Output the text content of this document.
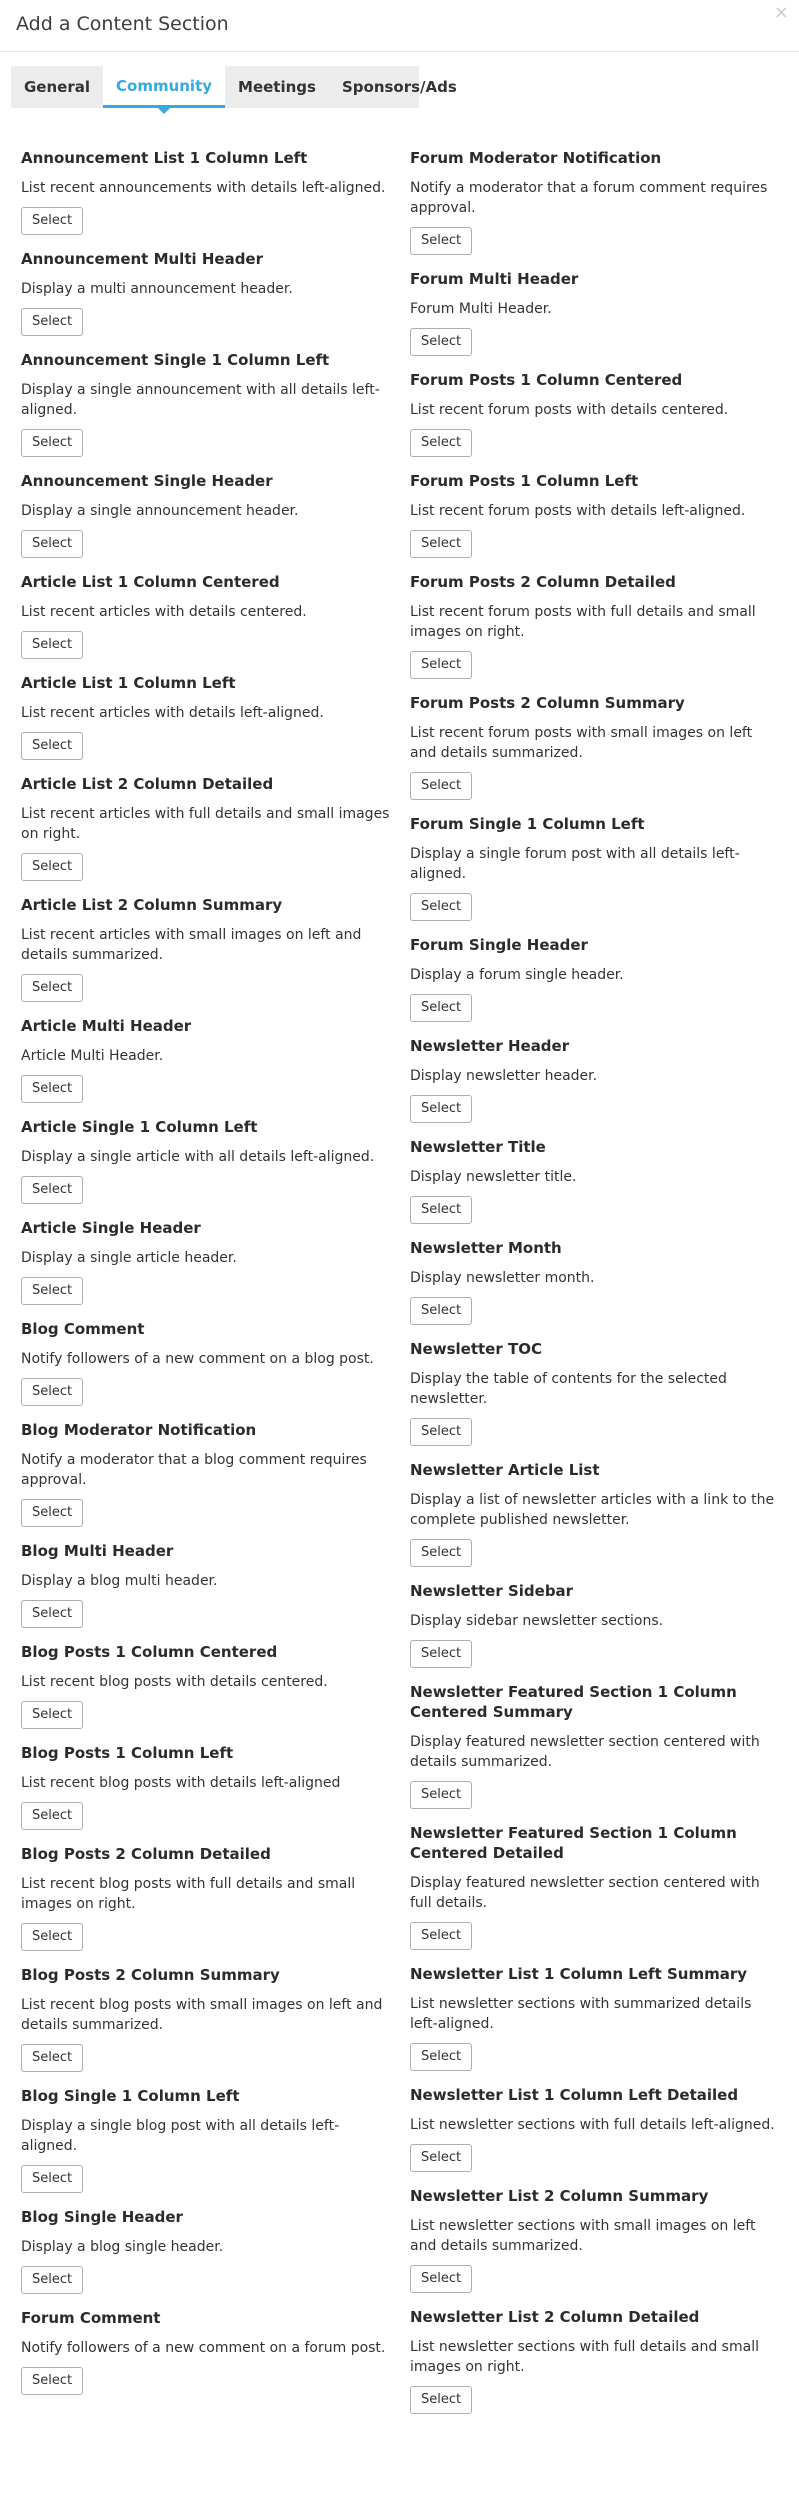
Add a Content Section
×
General	Community	Meetings	Sponsors/Ads
Announcement List 1 Column Left
List recent announcements with details left-aligned.
Select
Announcement Multi Header
Display a multi announcement header.
Select
Announcement Single 1 Column Left
Display a single announcement with all details left-aligned.
Select
Announcement Single Header
Display a single announcement header.
Select
Article List 1 Column Centered
List recent articles with details centered.
Select
Article List 1 Column Left
List recent articles with details left-aligned.
Select
Article List 2 Column Detailed
List recent articles with full details and small images on right.
Select
Article List 2 Column Summary
List recent articles with small images on left and details summarized.
Select
Article Multi Header
Article Multi Header.
Select
Article Single 1 Column Left
Display a single article with all details left-aligned.
Select
Article Single Header
Display a single article header.
Select
Blog Comment
Notify followers of a new comment on a blog post.
Select
Blog Moderator Notification
Notify a moderator that a blog comment requires approval.
Select
Blog Multi Header
Display a blog multi header.
Select
Blog Posts 1 Column Centered
List recent blog posts with details centered.
Select
Blog Posts 1 Column Left
List recent blog posts with details left-aligned
Select
Blog Posts 2 Column Detailed
List recent blog posts with full details and small images on right.
Select
Blog Posts 2 Column Summary
List recent blog posts with small images on left and details summarized.
Select
Blog Single 1 Column Left
Display a single blog post with all details left-aligned.
Select
Blog Single Header
Display a blog single header.
Select
Forum Comment
Notify followers of a new comment on a forum post.
Select
Forum Moderator Notification
Notify a moderator that a forum comment requires approval.
Select
Forum Multi Header
Forum Multi Header.
Select
Forum Posts 1 Column Centered
List recent forum posts with details centered.
Select
Forum Posts 1 Column Left
List recent forum posts with details left-aligned.
Select
Forum Posts 2 Column Detailed
List recent forum posts with full details and small images on right.
Select
Forum Posts 2 Column Summary
List recent forum posts with small images on left and details summarized.
Select
Forum Single 1 Column Left
Display a single forum post with all details left-aligned.
Select
Forum Single Header
Display a forum single header.
Select
Newsletter Header
Display newsletter header.
Select
Newsletter Title
Display newsletter title.
Select
Newsletter Month
Display newsletter month.
Select
Newsletter TOC
Display the table of contents for the selected newsletter.
Select
Newsletter Article List
Display a list of newsletter articles with a link to the complete published newsletter.
Select
Newsletter Sidebar
Display sidebar newsletter sections.
Select
Newsletter Featured Section 1 Column Centered Summary
Display featured newsletter section centered with details summarized.
Select
Newsletter Featured Section 1 Column Centered Detailed
Display featured newsletter section centered with full details.
Select
Newsletter List 1 Column Left Summary
List newsletter sections with summarized details left-aligned.
Select
Newsletter List 1 Column Left Detailed
List newsletter sections with full details left-aligned.
Select
Newsletter List 2 Column Summary
List newsletter sections with small images on left and details summarized.
Select
Newsletter List 2 Column Detailed
List newsletter sections with full details and small images on right.
Select
